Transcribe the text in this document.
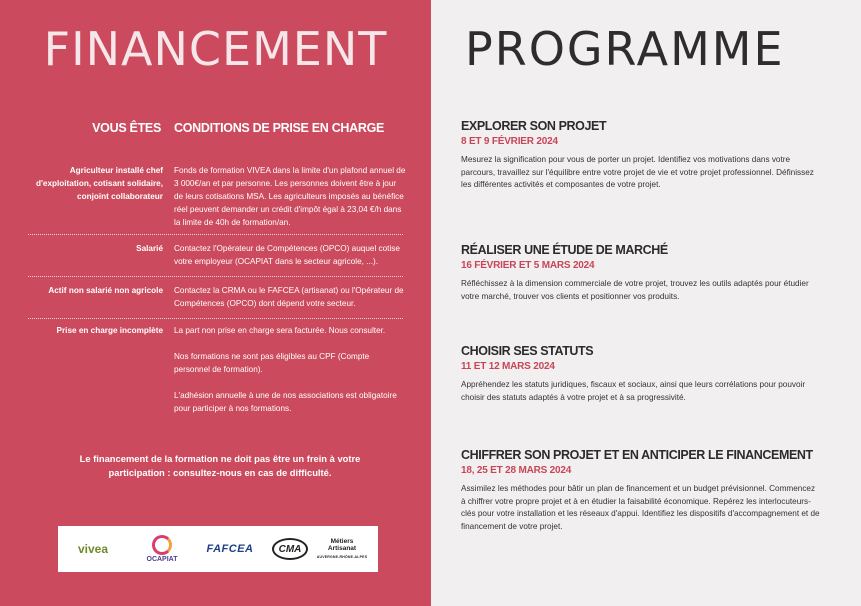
FINANCEMENT
VOUS ÊTES CONDITIONS DE PRISE EN CHARGE
Agriculteur installé chef d'exploitation, cotisant solidaire, conjoint collaborateur
Fonds de formation VIVEA dans la limite d'un plafond annuel de 3 000€/an et par personne. Les personnes doivent être à jour de leurs cotisations MSA. Les agriculteurs imposés au bénéfice réel peuvent demander un crédit d'impôt égal à 23,04 €/h dans la limite de 40h de formation/an.
Salarié Contactez l'Opérateur de Compétences (OPCO) auquel cotise votre employeur (OCAPIAT dans le secteur agricole, ...).
Actif non salarié non agricole Contactez la CRMA ou le FAFCEA (artisanat) ou l'Opérateur de Compétences (OPCO) dont dépend votre secteur.
Prise en charge incomplète La part non prise en charge sera facturée. Nous consulter.
Nos formations ne sont pas éligibles au CPF (Compte personnel de formation).
L'adhésion annuelle à une de nos associations est obligatoire pour participer à nos formations.
Le financement de la formation ne doit pas être un frein à votre participation : consultez-nous en cas de difficulté.
vivea
OCAPIAT
FAFCEA	CMA
Métiers
Artisanat
AUVERGNE-RHÔNE-ALPES
PROGRAMME
EXPLORER SON PROJET
8 ET 9 FÉVRIER 2024
Mesurez la signification pour vous de porter un projet. Identifiez vos motivations dans votre parcours, travaillez sur l'équilibre entre votre projet de vie et votre projet professionnel. Définissez les différentes activités et composantes de votre projet.
RÉALISER UNE ÉTUDE DE MARCHÉ
16 FÉVRIER ET 5 MARS 2024
Réfléchissez à la dimension commerciale de votre projet, trouvez les outils adaptés pour étudier votre marché, trouver vos clients et positionner vos produits.
CHOISIR SES STATUTS
11 ET 12 MARS 2024
Appréhendez les statuts juridiques, fiscaux et sociaux, ainsi que leurs corrélations pour pouvoir choisir des statuts adaptés à votre projet et à sa progressivité.
CHIFFRER SON PROJET ET EN ANTICIPER LE FINANCEMENT
18, 25 ET 28 MARS 2024
Assimilez les méthodes pour bâtir un plan de financement et un budget prévisionnel. Commencez à chiffrer votre propre projet et à en étudier la faisabilité économique. Repérez les interlocuteurs-clés pour votre installation et les réseaux d'appui. Identifiez les dispositifs d'accompagnement et de financement de votre projet.
